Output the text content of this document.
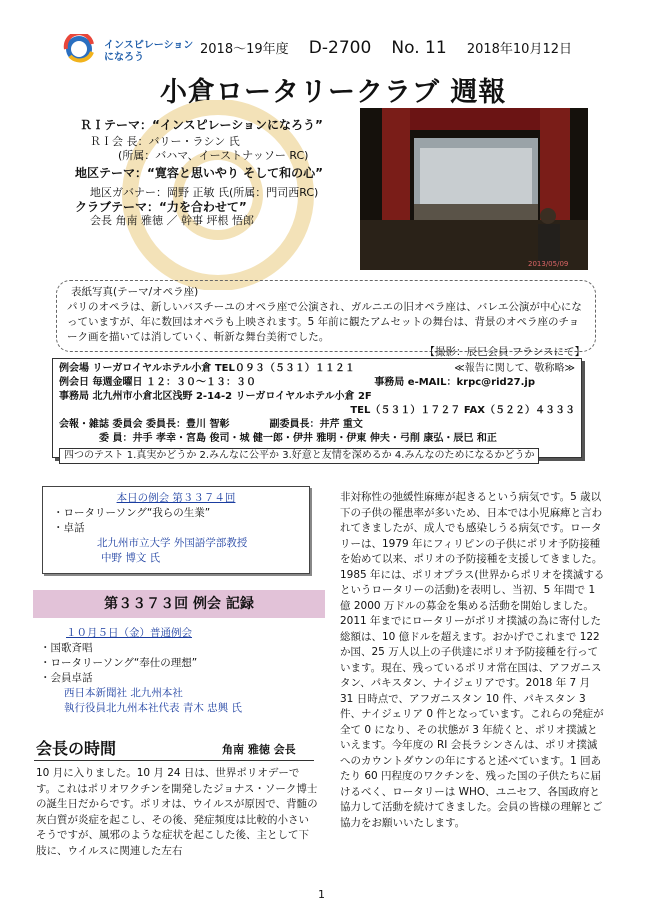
インスピレーションになろう
2018～19年度 D-2700 No. 11 2018年10月12日
小倉ロータリークラブ 週報
ＲＩテーマ：“インスピレーションになろう”
ＲＩ会 長：バリー・ラシン 氏
(所属：バハマ、イーストナッソー RC)
地区テーマ：“寛容と思いやり そして和の心”
地区ガバナー：岡野 正敏 氏(所属：門司西RC)
クラブテーマ：“力を合わせて”
会長 角南 雅徳 ／ 幹事 坪根 悟郎
2013/05/09
表紙写真(テーマ/オペラ座)
パリのオペラは、新しいバスチーユのオペラ座で公演され、ガルニエの旧オペラ座は、バレエ公演が中心になっていますが、年に数回はオペラも上映されます。5 年前に観たアムセットの舞台は、背景のオペラ座のチョーク画を描いては消していく、斬新な舞台美術でした。
【撮影：辰巳会員 フランスにて】
例会場 リーガロイヤルホテル小倉 TEL０９３（５３１）１１２１	≪報告に関して、敬称略≫
例会日 毎週金曜日 １２：３０～１３：３０	事務局 e-MAIL：krpc@rid27.jp
事務局 北九州市小倉北区浅野 2-14-2 リーガロイヤルホテル小倉 2F
TEL（５３１）１７２７ FAX（５２２）４３３３
会報・雑誌 委員会 委員長：豊川 智彰	副委員長：井芹 重文
委 員：井手 孝幸・宮島 俊司・城 健一郎・伊井 雅明・伊東 伸夫・弓削 康弘・辰巳 和正
四つのテスト 1.真実かどうか 2.みんなに公平か 3.好意と友情を深めるか 4.みんなのためになるかどうか
本日の例会 第３３７４回
・ロータリーソング“我らの生業”
・卓話
北九州市立大学 外国語学部教授
中野 博文 氏
第３３７３回 例会 記録
１０月５日（金）普通例会
・国歌斉唱
・ロータリーソング“奉仕の理想”
・会員卓話
西日本新聞社 北九州本社
執行役員北九州本社代表 青木 忠興 氏
会長の時間	角南 雅徳 会長
10 月に入りました。10 月 24 日は、世界ポリオデーです。これはポリオワクチンを開発したジョナス・ソーク博士の誕生日だからです。ポリオは、ウイルスが原因で、背髄の灰白質が炎症を起こし、その後、発症頻度は比較的小さいそうですが、風邪のような症状を起こした後、主として下肢に、ウイルスに関連した左右
非対称性の弛緩性麻痺が起きるという病気です。5 歳以下の子供の罹患率が多いため、日本では小児麻痺と言われてきましたが、成人でも感染しうる病気です。ロータリーは、1979 年にフィリピンの子供にポリオ予防接種を始めて以来、ポリオの予防接種を支援してきました。1985 年には、ポリオプラス(世界からポリオを撲滅するというロータリーの活動)を表明し、当初、5 年間で 1 億 2000 万ドルの募金を集める活動を開始しました。2011 年までにロータリーがポリオ撲滅の為に寄付した総額は、10 億ドルを超えます。おかげでこれまで 122 か国、25 万人以上の子供達にポリオ予防接種を行っています。現在、残っているポリオ常在国は、アフガニスタン、パキスタン、ナイジェリアです。2018 年 7 月 31 日時点で、アフガニスタン 10 件、パキスタン 3 件、ナイジェリア 0 件となっています。これらの発症が全て 0 になり、その状態が 3 年続くと、ポリオ撲滅といえます。今年度の RI 会長ラシンさんは、ポリオ撲滅へのカウントダウンの年にすると述べています。1 回あたり 60 円程度のワクチンを、残った国の子供たちに届けるべく、ロータリーは WHO、ユニセフ、各国政府と協力して活動を続けてきました。会員の皆様の理解とご協力をお願いいたします。
1
